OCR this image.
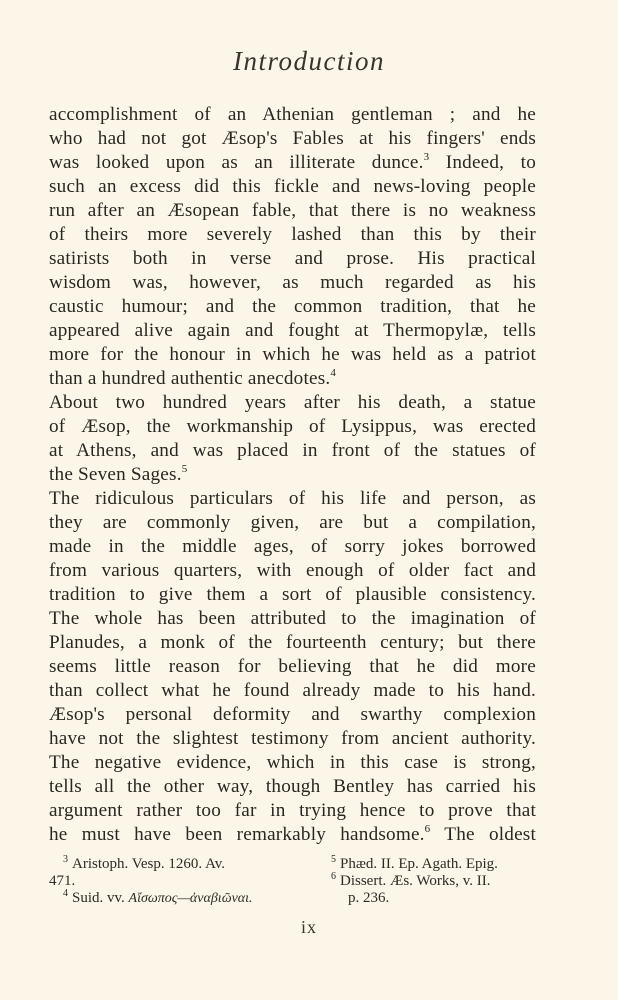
Introduction
accomplishment of an Athenian gentleman ; and he
who had not got Æsop's Fables at his fingers' ends
was looked upon as an illiterate dunce.$^3$ Indeed, to
such an excess did this fickle and news-loving people
run after an Æsopean fable, that there is no weakness
of theirs more severely lashed than this by their
satirists both in verse and prose. His practical
wisdom was, however, as much regarded as his
caustic humour; and the common tradition, that he
appeared alive again and fought at Thermopylæ, tells
more for the honour in which he was held as a patriot
than a hundred authentic anecdotes.$^4$
About two hundred years after his death, a statue
of Æsop, the workmanship of Lysippus, was erected
at Athens, and was placed in front of the statues of
the Seven Sages.$^5$
The ridiculous particulars of his life and person, as
they are commonly given, are but a compilation,
made in the middle ages, of sorry jokes borrowed
from various quarters, with enough of older fact and
tradition to give them a sort of plausible consistency.
The whole has been attributed to the imagination of
Planudes, a monk of the fourteenth century; but there
seems little reason for believing that he did more
than collect what he found already made to his hand.
Æsop's personal deformity and swarthy complexion
have not the slightest testimony from ancient authority.
The negative evidence, which in this case is strong,
tells all the other way, though Bentley has carried his
argument rather too far in trying hence to prove that
he must have been remarkably handsome.$^6$ The oldest
$^3$ Aristoph. Vesp. 1260. Av.	$^5$ Phæd. II. Ep. Agath. Epig.
471.	$^6$ Dissert. Æs. Works, v. II.
$^4$ Suid. vv. Αἴσωπος—ἀναβιῶναι.	p. 236.
ix
